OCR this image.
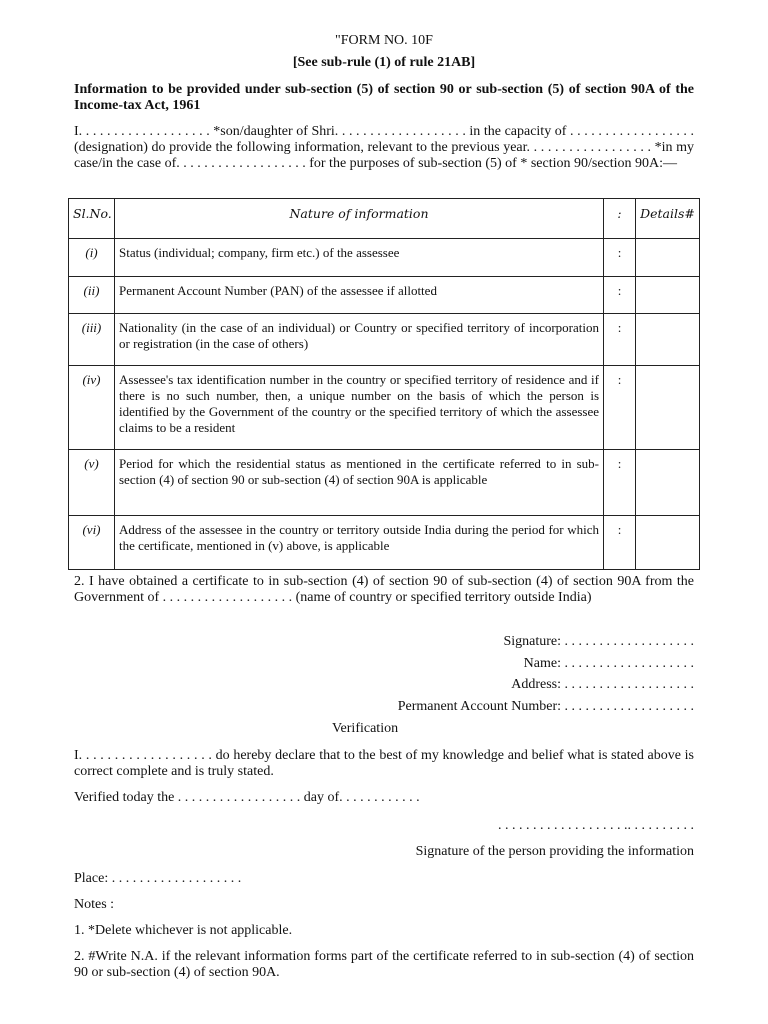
"FORM NO. 10F

[See sub-rule (1) of rule 21AB]

Information to be provided under sub-section (5) of section 90 or sub-section (5) of section 90A of the Income-tax Act, 1961

I. . . . . . . . . . . . . . . . . . . *son/daughter of Shri. . . . . . . . . . . . . . . . . . . in the capacity of . . . . . . . . . . . . . . . . . . (designation) do provide the following information, relevant to the previous year. . . . . . . . . . . . . . . . . . *in my case/in the case of. . . . . . . . . . . . . . . . . . . for the purposes of sub-section (5) of * section 90/section 90A:—

Sl.No.	Nature of information	:	Details#
(i)	Status (individual; company, firm etc.) of the assessee	:	
(ii)	Permanent Account Number (PAN) of the assessee if allotted	:	
(iii)	Nationality (in the case of an individual) or Country or specified territory of incorporation or registration (in the case of others)	:	
(iv)	Assessee's tax identification number in the country or specified territory of residence and if there is no such number, then, a unique number on the basis of which the person is identified by the Government of the country or the specified territory of which the assessee claims to be a resident	:	
(v)	Period for which the residential status as mentioned in the certificate referred to in sub-section (4) of section 90 or sub-section (4) of section 90A is applicable	:	
(vi)	Address of the assessee in the country or territory outside India during the period for which the certificate, mentioned in (v) above, is applicable	:	

2. I have obtained a certificate to in sub-section (4) of section 90 of sub-section (4) of section 90A from the Government of . . . . . . . . . . . . . . . . . . . (name of country or specified territory outside India)

Signature: . . . . . . . . . . . . . . . . . . .
Name: . . . . . . . . . . . . . . . . . . .
Address: . . . . . . . . . . . . . . . . . . .
Permanent Account Number: . . . . . . . . . . . . . . . . . . .
Verification

I. . . . . . . . . . . . . . . . . . . do hereby declare that to the best of my knowledge and belief what is stated above is correct complete and is truly stated.

Verified today the . . . . . . . . . . . . . . . . . . day of. . . . . . . . . . . .

. . . . . . . . . . . . . . . . . . .. . . . . . . . . .

Signature of the person providing the information

Place: . . . . . . . . . . . . . . . . . . .

Notes :

1. *Delete whichever is not applicable.

2. #Write N.A. if the relevant information forms part of the certificate referred to in sub-section (4) of section 90 or sub-section (4) of section 90A.
